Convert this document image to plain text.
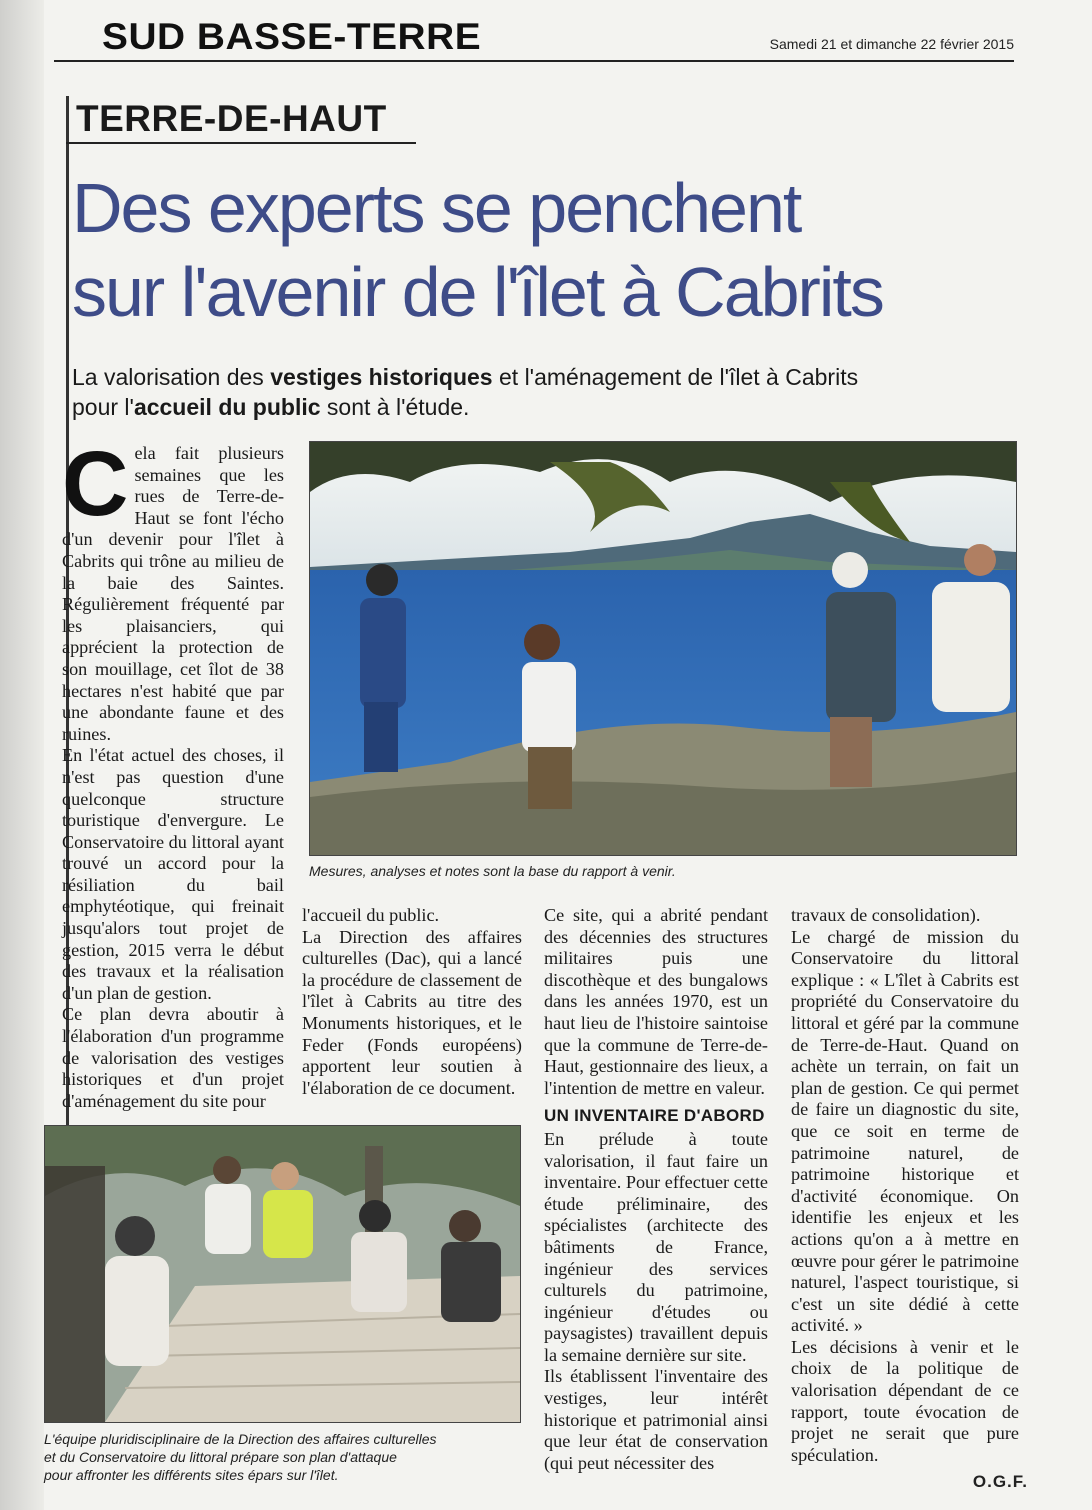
SUD BASSE-TERRE	Samedi 21 et dimanche 22 février 2015
TERRE-DE-HAUT
Des experts se penchent
sur l'avenir de l'îlet à Cabrits
La valorisation des vestiges historiques et l'aménagement de l'îlet à Cabrits
pour l'accueil du public sont à l'étude.
Mesures, analyses et notes sont la base du rapport à venir.

Cela fait plusieurs semaines que les rues de Terre-de-Haut se font l'écho d'un devenir pour l'îlet à Cabrits qui trône au milieu de la baie des Saintes. Régulièrement fréquenté par les plaisanciers, qui apprécient la protection de son mouillage, cet îlot de 38 hectares n'est habité que par une abondante faune et des ruines.

En l'état actuel des choses, il n'est pas question d'une quelconque structure touristique d'envergure. Le Conservatoire du littoral ayant trouvé un accord pour la résiliation du bail emphytéotique, qui freinait jusqu'alors tout projet de gestion, 2015 verra le début des travaux et la réalisation d'un plan de gestion.

Ce plan devra aboutir à l'élaboration d'un programme de valorisation des vestiges historiques et d'un projet d'aménagement du site pour

l'accueil du public.

La Direction des affaires culturelles (Dac), qui a lancé la procédure de classement de l'îlet à Cabrits au titre des Monuments historiques, et le Feder (Fonds européens) apportent leur soutien à l'élaboration de ce document.

Ce site, qui a abrité pendant des décennies des structures militaires puis une discothèque et des bungalows dans les années 1970, est un haut lieu de l'histoire saintoise que la commune de Terre-de-Haut, gestionnaire des lieux, a l'intention de mettre en valeur.

UN INVENTAIRE D'ABORD

En prélude à toute valorisation, il faut faire un inventaire. Pour effectuer cette étude préliminaire, des spécialistes (architecte des bâtiments de France, ingénieur des services culturels du patrimoine, ingénieur d'études ou paysagistes) travaillent depuis la semaine dernière sur site.

Ils établissent l'inventaire des vestiges, leur intérêt historique et patrimonial ainsi que leur état de conservation (qui peut nécessiter des

travaux de consolidation).

Le chargé de mission du Conservatoire du littoral explique : « L'îlet à Cabrits est propriété du Conservatoire du littoral et géré par la commune de Terre-de-Haut. Quand on achète un terrain, on fait un plan de gestion. Ce qui permet de faire un diagnostic du site, que ce soit en terme de patrimoine naturel, de patrimoine historique et d'activité économique. On identifie les enjeux et les actions qu'on a à mettre en œuvre pour gérer le patrimoine naturel, l'aspect touristique, si c'est un site dédié à cette activité. »

Les décisions à venir et le choix de la politique de valorisation dépendant de ce rapport, toute évocation de projet ne serait que pure spéculation.

L'équipe pluridisciplinaire de la Direction des affaires culturelles
et du Conservatoire du littoral prépare son plan d'attaque
pour affronter les différents sites épars sur l'îlet.	O.G.F.
